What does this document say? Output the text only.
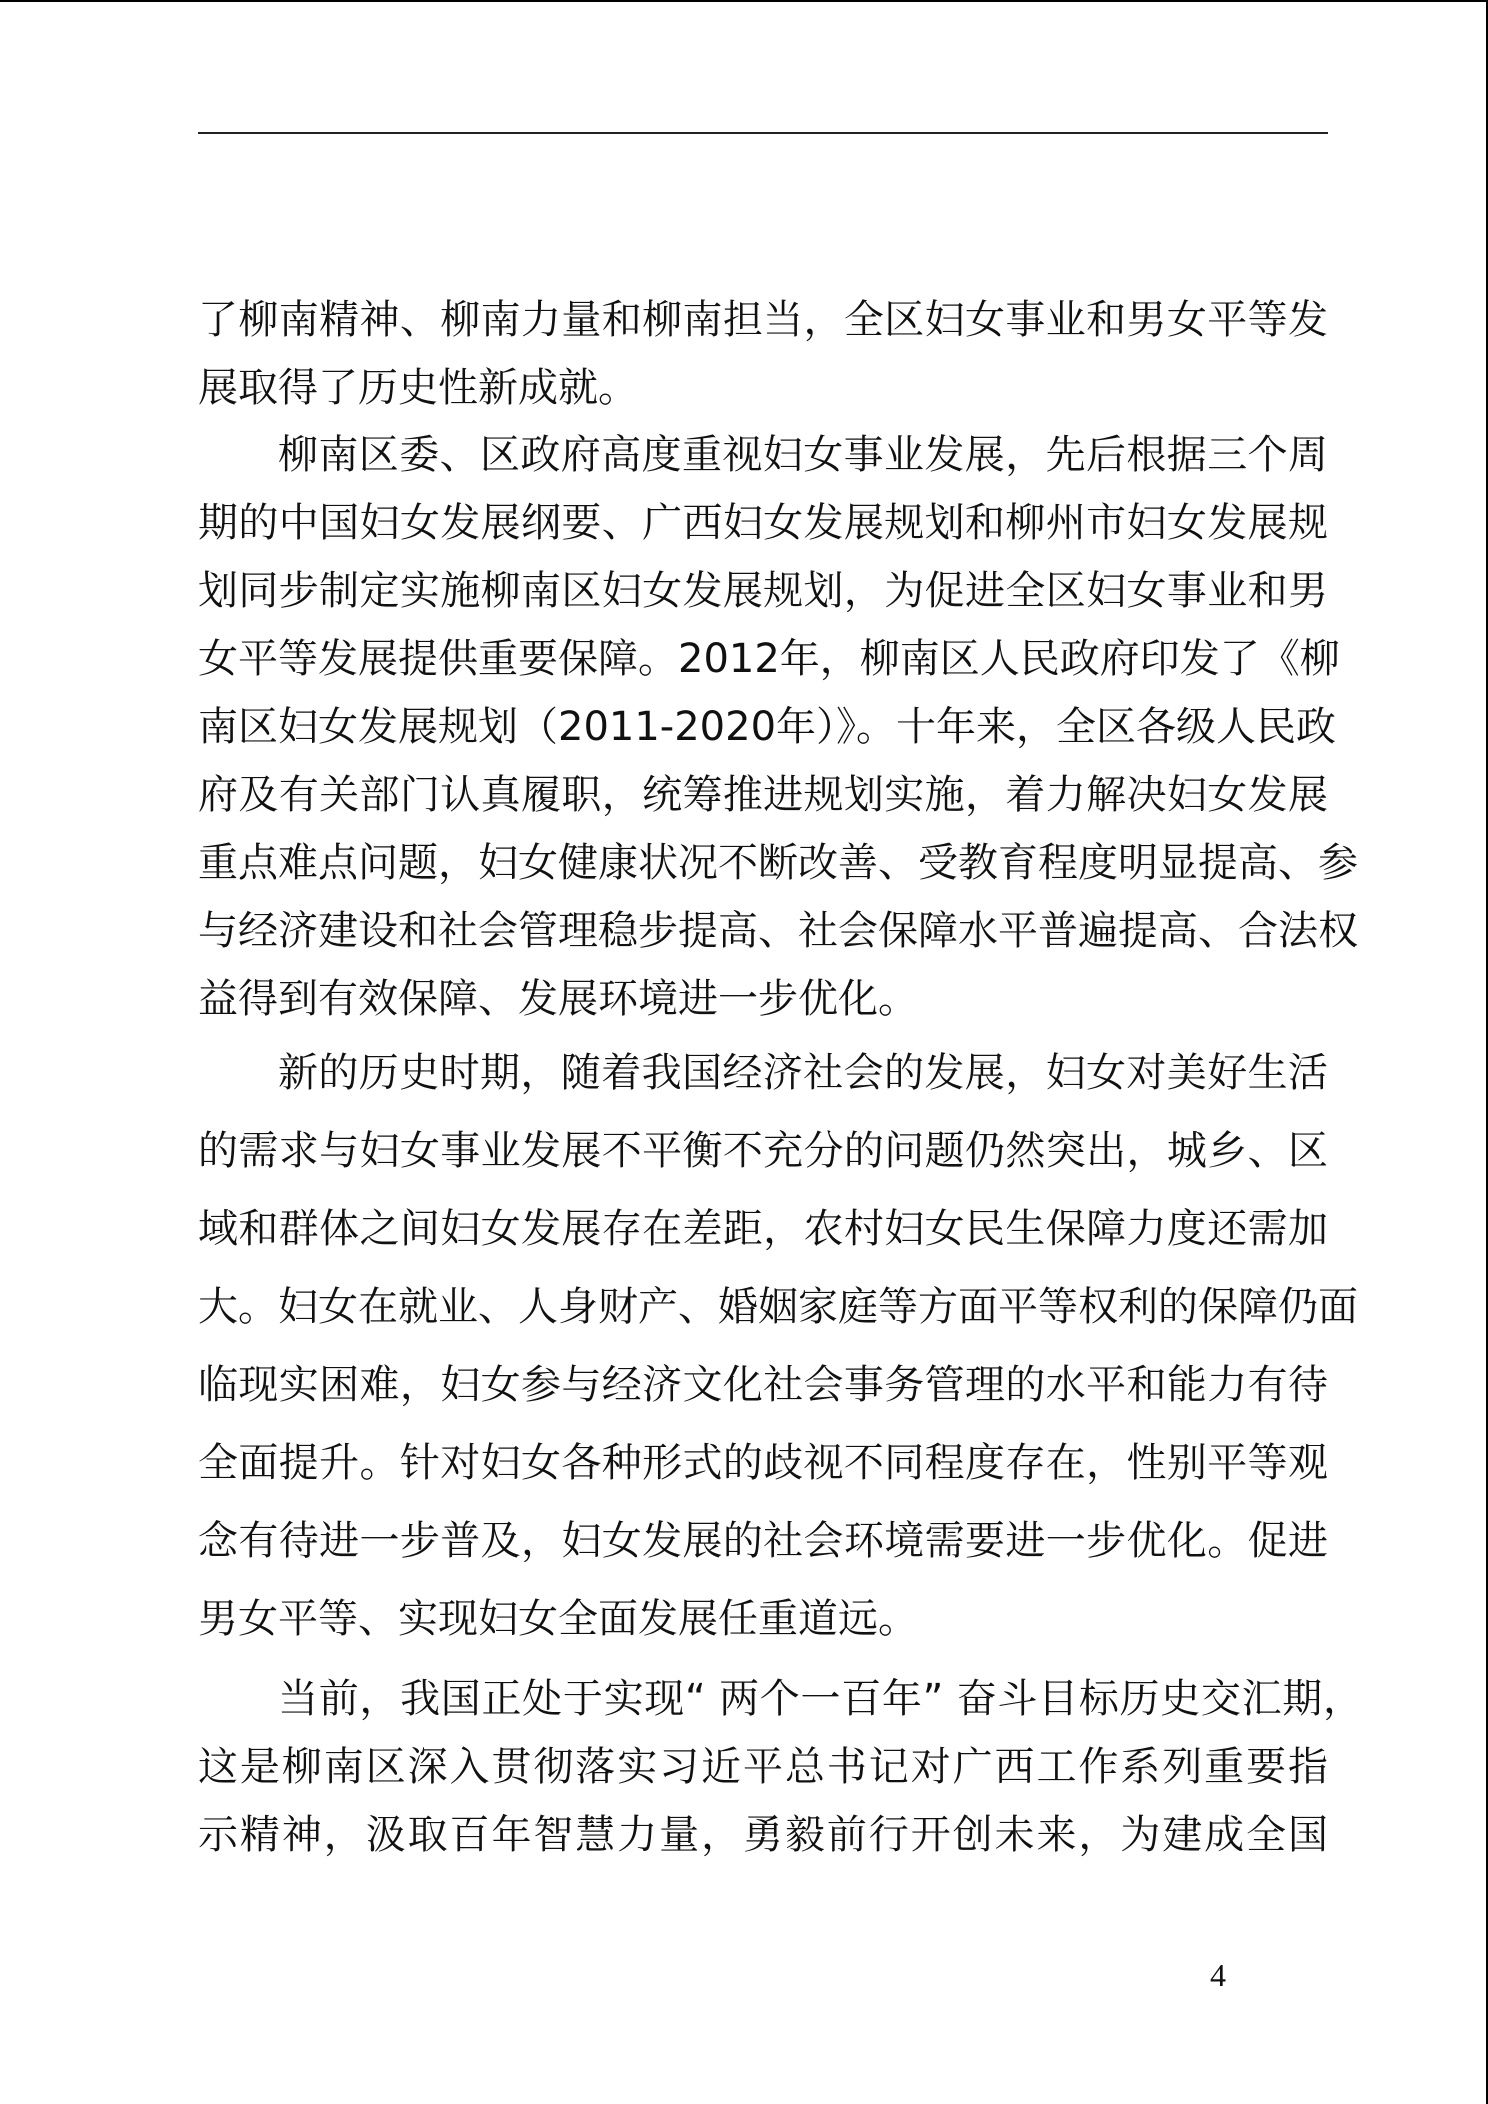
了柳南精神、柳南力量和柳南担当，全区妇女事业和男女平等发
展取得了历史性新成就。
柳南区委、区政府高度重视妇女事业发展，先后根据三个周
期的中国妇女发展纲要、广西妇女发展规划和柳州市妇女发展规
划同步制定实施柳南区妇女发展规划，为促进全区妇女事业和男
女平等发展提供重要保障。2012年，柳南区人民政府印发了《柳
南区妇女发展规划（2011-2020年）》。十年来，全区各级人民政
府及有关部门认真履职，统筹推进规划实施，着力解决妇女发展
重点难点问题，妇女健康状况不断改善、受教育程度明显提高、参
与经济建设和社会管理稳步提高、社会保障水平普遍提高、合法权
益得到有效保障、发展环境进一步优化。
新的历史时期，随着我国经济社会的发展，妇女对美好生活
的需求与妇女事业发展不平衡不充分的问题仍然突出，城乡、区
域和群体之间妇女发展存在差距，农村妇女民生保障力度还需加
大。妇女在就业、人身财产、婚姻家庭等方面平等权利的保障仍面
临现实困难，妇女参与经济文化社会事务管理的水平和能力有待
全面提升。针对妇女各种形式的歧视不同程度存在，性别平等观
念有待进一步普及，妇女发展的社会环境需要进一步优化。促进
男女平等、实现妇女全面发展任重道远。
当前，我国正处于实现“ 两个一百年” 奋斗目标历史交汇期，
这是柳南区深入贯彻落实习近平总书记对广西工作系列重要指
示精神，汲取百年智慧力量，勇毅前行开创未来，为建成全国
4
